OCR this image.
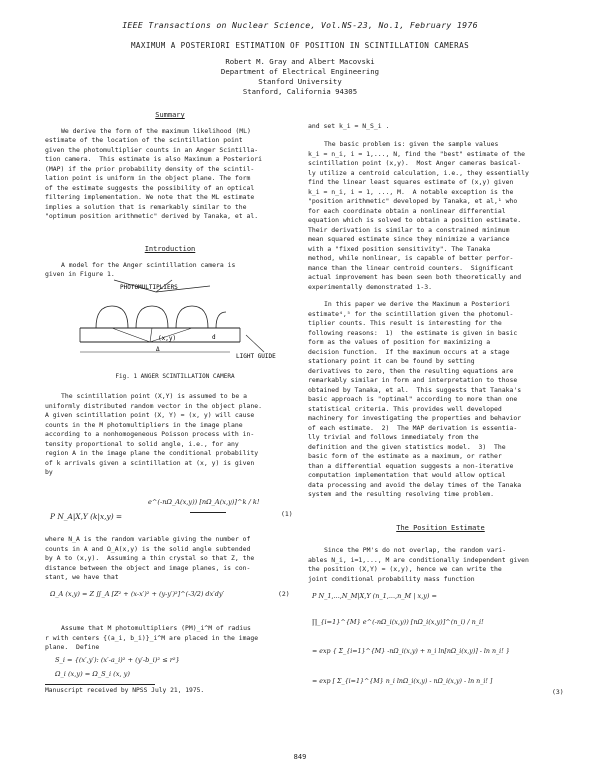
IEEE Transactions on Nuclear Science, Vol.NS-23, No.1, February 1976
MAXIMUM A POSTERIORI ESTIMATION OF POSITION IN SCINTILLATION CAMERAS
Robert M. Gray and Albert Macovski
Department of Electrical Engineering
Stanford University
Stanford, California 94305
Summary
We derive the form of the maximum likelihood (ML)
estimate of the location of the scintillation point
given the photomultiplier counts in an Anger Scintilla-
tion camera.  This estimate is also Maximum a Posteriori
(MAP) if the prior probability density of the scintil-
lation point is uniform in the object plane. The form
of the estimate suggests the possibility of an optical
filtering implementation. We note that the ML estimate
implies a solution that is remarkably similar to the
"optimum position arithmetic" derived by Tanaka, et al.
Introduction
A model for the Anger scintillation camera is
given in Figure 1.
PHOTOMULTIPLIERS
(x,y)	d
LIGHT GUIDE
Δ
Fig. 1 ANGER SCINTILLATION CAMERA
The scintillation point (X,Y) is assumed to be a
uniformly distributed random vector in the object plane.
A given scintillation point (X, Y) = (x, y) will cause
counts in the M photomultipliers in the image plane
according to a nonhomogeneous Poisson process with in-
tensity proportional to solid angle, i.e., for any
region A in the image plane the conditional probability
of k arrivals given a scintillation at (x, y) is given
by
P N_A|X,Y (k|x,y) =
e^(-nΩ_A(x,y)) [nΩ_A(x,y)]^k / k!
(1)
where N_A is the random variable giving the number of
counts in A and Ω_A(x,y) is the solid angle subtended
by A to (x,y).  Assuming a thin crystal so that Z, the
distance between the object and image planes, is con-
stant, we have that
Ω_A (x,y) = Z ∬_A [Z² + (x-x′)² + (y-y′)²]^(-3/2) dx′dy′	(2)
Assume that M photomultipliers (PM)_i^M of radius
r with centers {(a_i, b_i)}_i^M are placed in the image
plane.  Define
S_i = {(x′,y′): (x′-a_i)² + (y′-b_i)² ≤ r²}
Ω_i (x,y) = Ω_S_i (x, y)
Manuscript received by NPSS July 21, 1975.
and set k_i = N_S_i .
The basic problem is: given the sample values
k_i = n_i, i = 1,..., N, find the "best" estimate of the
scintillation point (x,y).  Most Anger cameras basical-
ly utilize a centroid calculation, i.e., they essentially
find the linear least squares estimate of (x,y) given
k_i = n_i, i = 1, ..., M.  A notable exception is the
"position arithmetic" developed by Tanaka, et al,¹ who
for each coordinate obtain a nonlinear differential
equation which is solved to obtain a position estimate.
Their derivation is similar to a constrained minimum
mean squared estimate since they minimize a variance
with a "fixed position sensitivity". The Tanaka
method, while nonlinear, is capable of better perfor-
mance than the linear centroid counters.  Significant
actual improvement has been seen both theoretically and
experimentally demonstrated 1-3.
In this paper we derive the Maximum a Posteriori
estimate⁴,⁵ for the scintillation given the photomul-
tiplier counts. This result is interesting for the
following reasons:  1)  the estimate is given in basic
form as the values of position for maximizing a
decision function.  If the maximum occurs at a stage
stationary point it can be found by setting
derivatives to zero, then the resulting equations are
remarkably similar in form and interpretation to those
obtained by Tanaka, et al.  This suggests that Tanaka's
basic approach is "optimal" according to more than one
statistical criteria. This provides well developed
machinery for investigating the properties and behavior
of each estimate.  2)  The MAP derivation is essentia-
lly trivial and follows immediately from the
definition and the given statistics model.  3)  The
basic form of the estimate as a maximum, or rather
than a differential equation suggests a non-iterative
computation implementation that would allow optical
data processing and avoid the delay times of the Tanaka
system and the resulting resolving time problem.
The Position Estimate
Since the PM's do not overlap, the random vari-
ables N_i, i=1,..., M are conditionally independent given
the position (X,Y) = (x,y), hence we can write the
joint conditional probability mass function
P N_1,...,N_M|X,Y (n_1,...,n_M | x,y) =
∏_{i=1}^{M} e^(-nΩ_i(x,y)) [nΩ_i(x,y)]^(n_i) / n_i!
= exp { Σ_{i=1}^{M} -nΩ_i(x,y) + n_i ln[nΩ_i(x,y)] - ln n_i! }
= exp [ Σ_{i=1}^{M} n_i lnΩ_i(x,y) - nΩ_i(x,y) - ln n_i! ]
(3)
849
